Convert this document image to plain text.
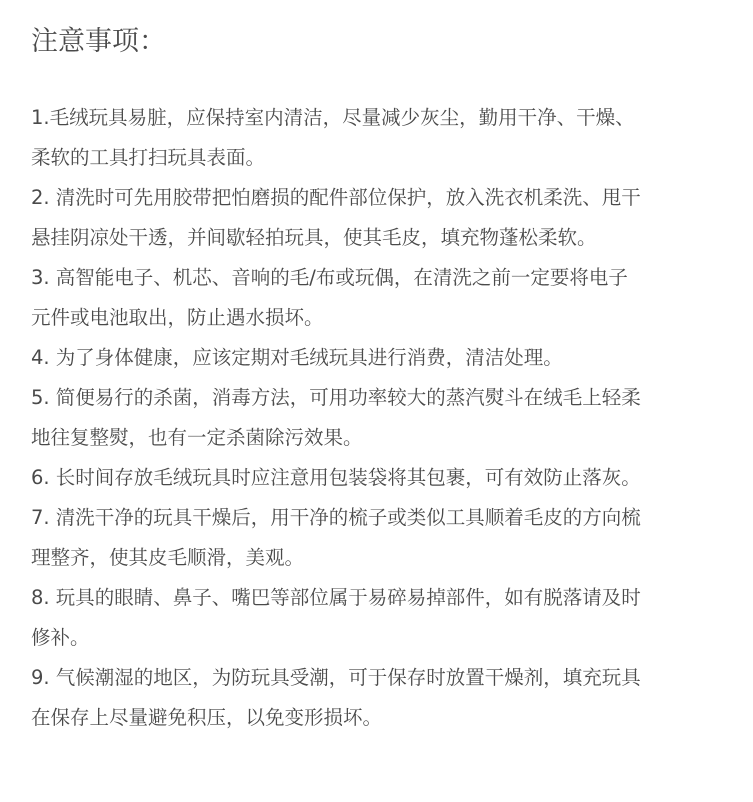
注意事项：
1.毛绒玩具易脏，应保持室内清洁，尽量减少灰尘，勤用干净、干燥、
柔软的工具打扫玩具表面。
2. 清洗时可先用胶带把怕磨损的配件部位保护，放入洗衣机柔洗、甩干
悬挂阴凉处干透，并间歇轻拍玩具，使其毛皮，填充物蓬松柔软。
3. 高智能电子、机芯、音响的毛/布或玩偶，在清洗之前一定要将电子
元件或电池取出，防止遇水损坏。
4. 为了身体健康，应该定期对毛绒玩具进行消费，清洁处理。
5. 简便易行的杀菌，消毒方法，可用功率较大的蒸汽熨斗在绒毛上轻柔
地往复整熨，也有一定杀菌除污效果。
6. 长时间存放毛绒玩具时应注意用包装袋将其包裹，可有效防止落灰。
7. 清洗干净的玩具干燥后，用干净的梳子或类似工具顺着毛皮的方向梳
理整齐，使其皮毛顺滑，美观。
8. 玩具的眼睛、鼻子、嘴巴等部位属于易碎易掉部件，如有脱落请及时
修补。
9. 气候潮湿的地区，为防玩具受潮，可于保存时放置干燥剂，填充玩具
在保存上尽量避免积压，以免变形损坏。
